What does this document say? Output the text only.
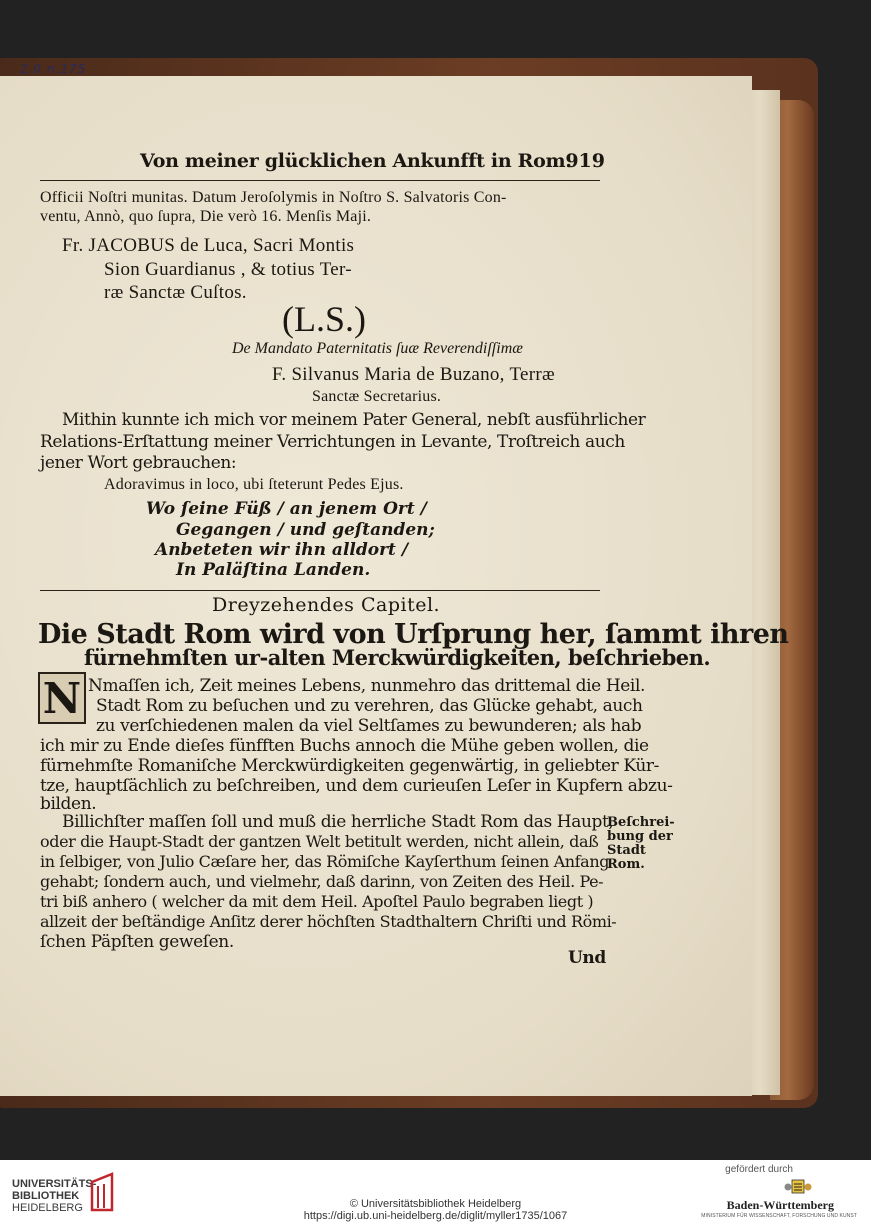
2.0 n.175
Von meiner glücklichen Ankunfft in Rom.
919
Officii Noſtri munitas. Datum Jeroſolymis in Noſtro S. Salvatoris Con-
ventu, Annò, quo ſupra, Die verò 16. Menſis Maji.
Fr. JACOBUS de Luca, Sacri Montis
Sion Guardianus , & totius Ter-
ræ Sanctæ Cuſtos.
(L.S.)
De Mandato Paternitatis ſuæ Reverendiſſimæ
F. Silvanus Maria de Buzano, Terræ
Sanctæ Secretarius.
Mithin kunnte ich mich vor meinem Pater General, nebſt ausführlicher
Relations-Erſtattung meiner Verrichtungen in Levante, Troſtreich auch
jener Wort gebrauchen:
Adoravimus in loco, ubi ſteterunt Pedes Ejus.
Wo ſeine Füß / an jenem Ort /
Gegangen / und geſtanden;
Anbeteten wir ihn alldort /
In Paläſtina Landen.
Dreyzehendes Capitel.
Die Stadt Rom wird von Urſprung her, ſammt ihren
fürnehmſten ur-alten Merckwürdigkeiten, beſchrieben.
N Nmaſſen ich, Zeit meines Lebens, nunmehro das drittemal die Heil.
Stadt Rom zu beſuchen und zu verehren, das Glücke gehabt, auch
zu verſchiedenen malen da viel Seltſames zu bewunderen; als hab
ich mir zu Ende dieſes fünfften Buchs annoch die Mühe geben wollen, die
fürnehmſte Romaniſche Merckwürdigkeiten gegenwärtig, in geliebter Kür-
tze, hauptſächlich zu beſchreiben, und dem curieuſen Leſer in Kupfern abzu-
bilden.
Billichſter maſſen ſoll und muß die herrliche Stadt Rom das Haupt,
oder die Haupt-Stadt der gantzen Welt betitult werden, nicht allein, daß
in ſelbiger, von Julio Cæſare her, das Römiſche Kayſerthum ſeinen Anfang
gehabt; ſondern auch, und vielmehr, daß darinn, von Zeiten des Heil. Pe-
tri biß anhero ( welcher da mit dem Heil. Apoſtel Paulo begraben liegt )
allzeit der beſtändige Anſitz derer höchſten Stadthaltern Chriſti und Römi-
ſchen Päpſten geweſen.
Und
Beſchrei-
bung der
Stadt
Rom.
UNIVERSITÄTS-
BIBLIOTHEK
HEIDELBERG	© Universitätsbibliothek Heidelberg
https://digi.ub.uni-heidelberg.de/diglit/myller1735/1067
gefördert durch
Baden-Württemberg
MINISTERIUM FÜR WISSENSCHAFT, FORSCHUNG UND KUNST
